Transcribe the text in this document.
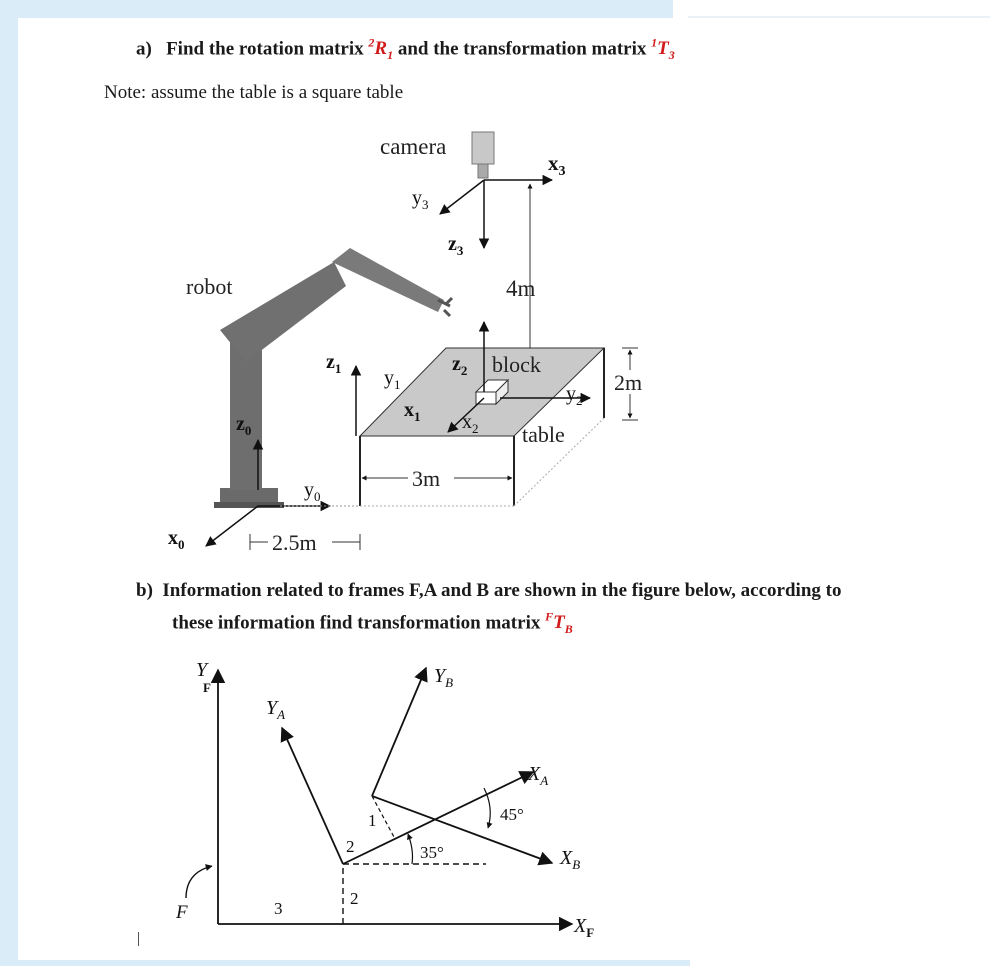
a) Find the rotation matrix $^2R_1$ and the transformation matrix $^1T_3$
Note: assume the table is a square table
camera
$x_3$
$y_3$
$z_3$
4m
robot
$z_0$
$y_0$
$x_0$	2.5m
table
3m
2m
block
$z_2$
$y_2$
$x_2$
$z_1$ $y_1$
$x_1$
b) Information related to frames F,A and B are shown in the figure below, according to
these information find transformation matrix $^FT_B$
Y F
$X_F$
F	3
2
$Y_A$
$X_A$
2
$Y_B$
$X_B$
1
35°
45°
